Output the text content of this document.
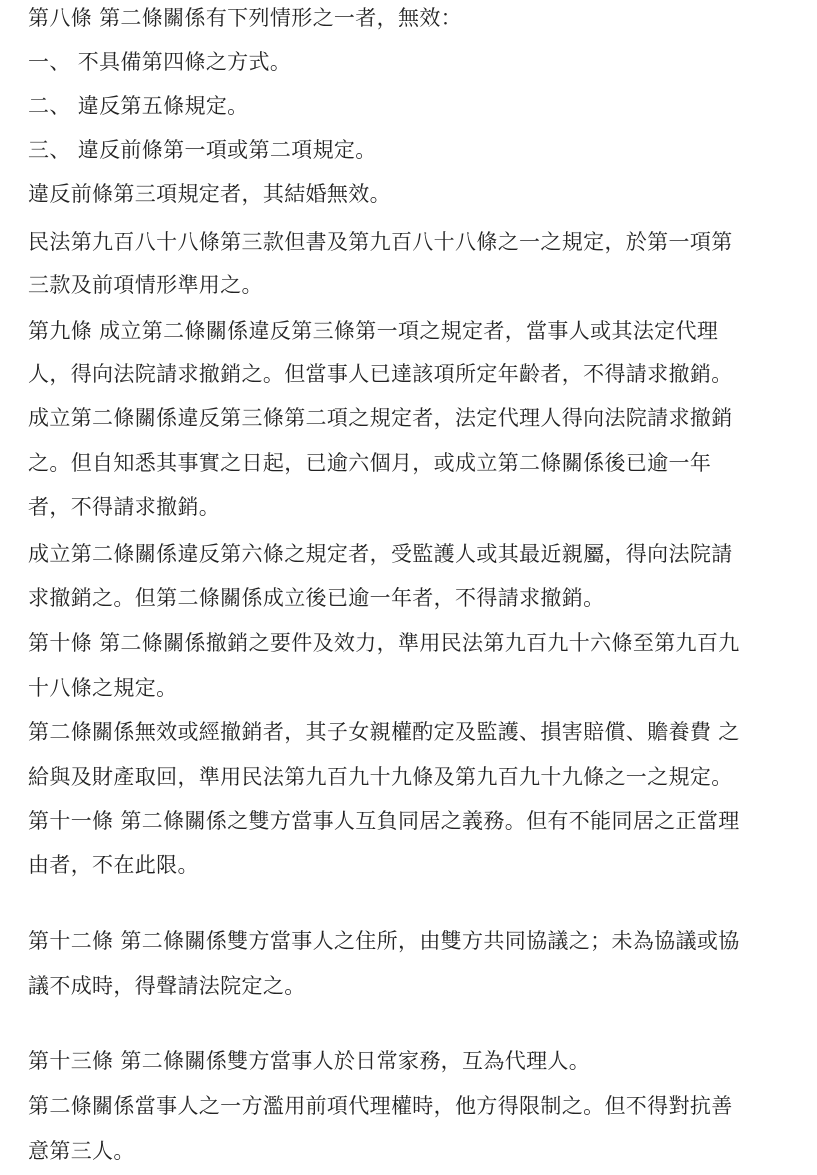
第八條 第二條關係有下列情形之一者，無效：
一、 不具備第四條之方式。
二、 違反第五條規定。
三、 違反前條第一項或第二項規定。
違反前條第三項規定者，其結婚無效。
民法第九百八十八條第三款但書及第九百八十八條之一之規定，於第一項第
三款及前項情形準用之。
第九條 成立第二條關係違反第三條第一項之規定者，當事人或其法定代理
人，得向法院請求撤銷之。但當事人已達該項所定年齡者，不得請求撤銷。
成立第二條關係違反第三條第二項之規定者，法定代理人得向法院請求撤銷
之。但自知悉其事實之日起，已逾六個月，或成立第二條關係後已逾一年
者，不得請求撤銷。
成立第二條關係違反第六條之規定者，受監護人或其最近親屬，得向法院請
求撤銷之。但第二條關係成立後已逾一年者，不得請求撤銷。
第十條 第二條關係撤銷之要件及效力，準用民法第九百九十六條至第九百九
十八條之規定。
第二條關係無效或經撤銷者，其子女親權酌定及監護、損害賠償、贍養費 之
給與及財產取回，準用民法第九百九十九條及第九百九十九條之一之規定。
第十一條 第二條關係之雙方當事人互負同居之義務。但有不能同居之正當理
由者，不在此限。
第十二條 第二條關係雙方當事人之住所，由雙方共同協議之；未為協議或協
議不成時，得聲請法院定之。
第十三條 第二條關係雙方當事人於日常家務，互為代理人。
第二條關係當事人之一方濫用前項代理權時，他方得限制之。但不得對抗善
意第三人。
